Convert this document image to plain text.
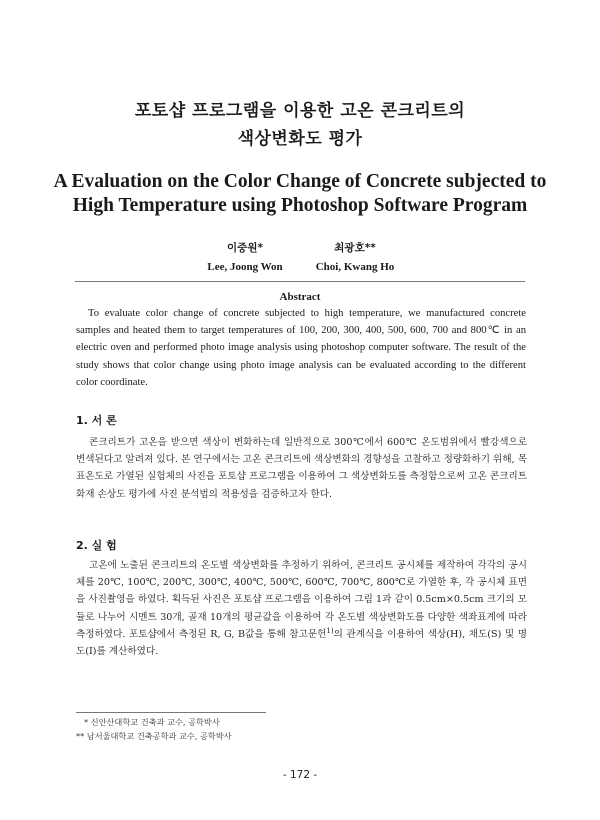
포토샵 프로그램을 이용한 고온 콘크리트의
색상변화도 평가
A Evaluation on the Color Change of Concrete subjected to
High Temperature using Photoshop Software Program
이중원*
Lee, Joong Won
최광호**
Choi, Kwang Ho
Abstract
To evaluate color change of concrete subjected to high temperature, we manufactured concrete samples and heated them to target temperatures of 100, 200, 300, 400, 500, 600, 700 and 800℃ in an electric oven and performed photo image analysis using photoshop computer software. The result of the study shows that color change using photo image analysis can be evaluated according to the different color coordinate.
1. 서 론
콘크리트가 고온을 받으면 색상이 변화하는데 일반적으로 300℃에서 600℃ 온도범위에서 빨강색으로 변색된다고 알려져 있다. 본 연구에서는 고온 콘크리트에 색상변화의 경향성을 고찰하고 정량화하기 위해, 목표온도로 가열된 실험체의 사진을 포토샵 프로그램을 이용하여 그 색상변화도를 측정함으로써 고온 콘크리트 화재 손상도 평가에 사진 분석법의 적용성을 검증하고자 한다.
2. 실 험
고온에 노출된 콘크리트의 온도별 색상변화를 추정하기 위하여, 콘크리트 공시체를 제작하여 각각의 공시체를 20℃, 100℃, 200℃, 300℃, 400℃, 500℃, 600℃, 700℃, 800℃로 가열한 후, 각 공시체 표면을 사진촬영을 하였다. 획득된 사진은 포토샵 프로그램을 이용하여 그림 1과 같이 0.5cm×0.5cm 크기의 모듈로 나누어 시멘트 30개, 골재 10개의 평균값을 이용하여 각 온도별 색상변화도를 다양한 색좌표계에 따라 측정하였다. 포토샵에서 측정된 R, G, B값을 통해 참고문헌$^{1)}$의 관계식을 이용하여 색상(H), 채도(S) 및 명도(I)를 계산하였다.
* 신안산대학교 건축과 교수, 공학박사
** 남서울대학교 건축공학과 교수, 공학박사
- 172 -
